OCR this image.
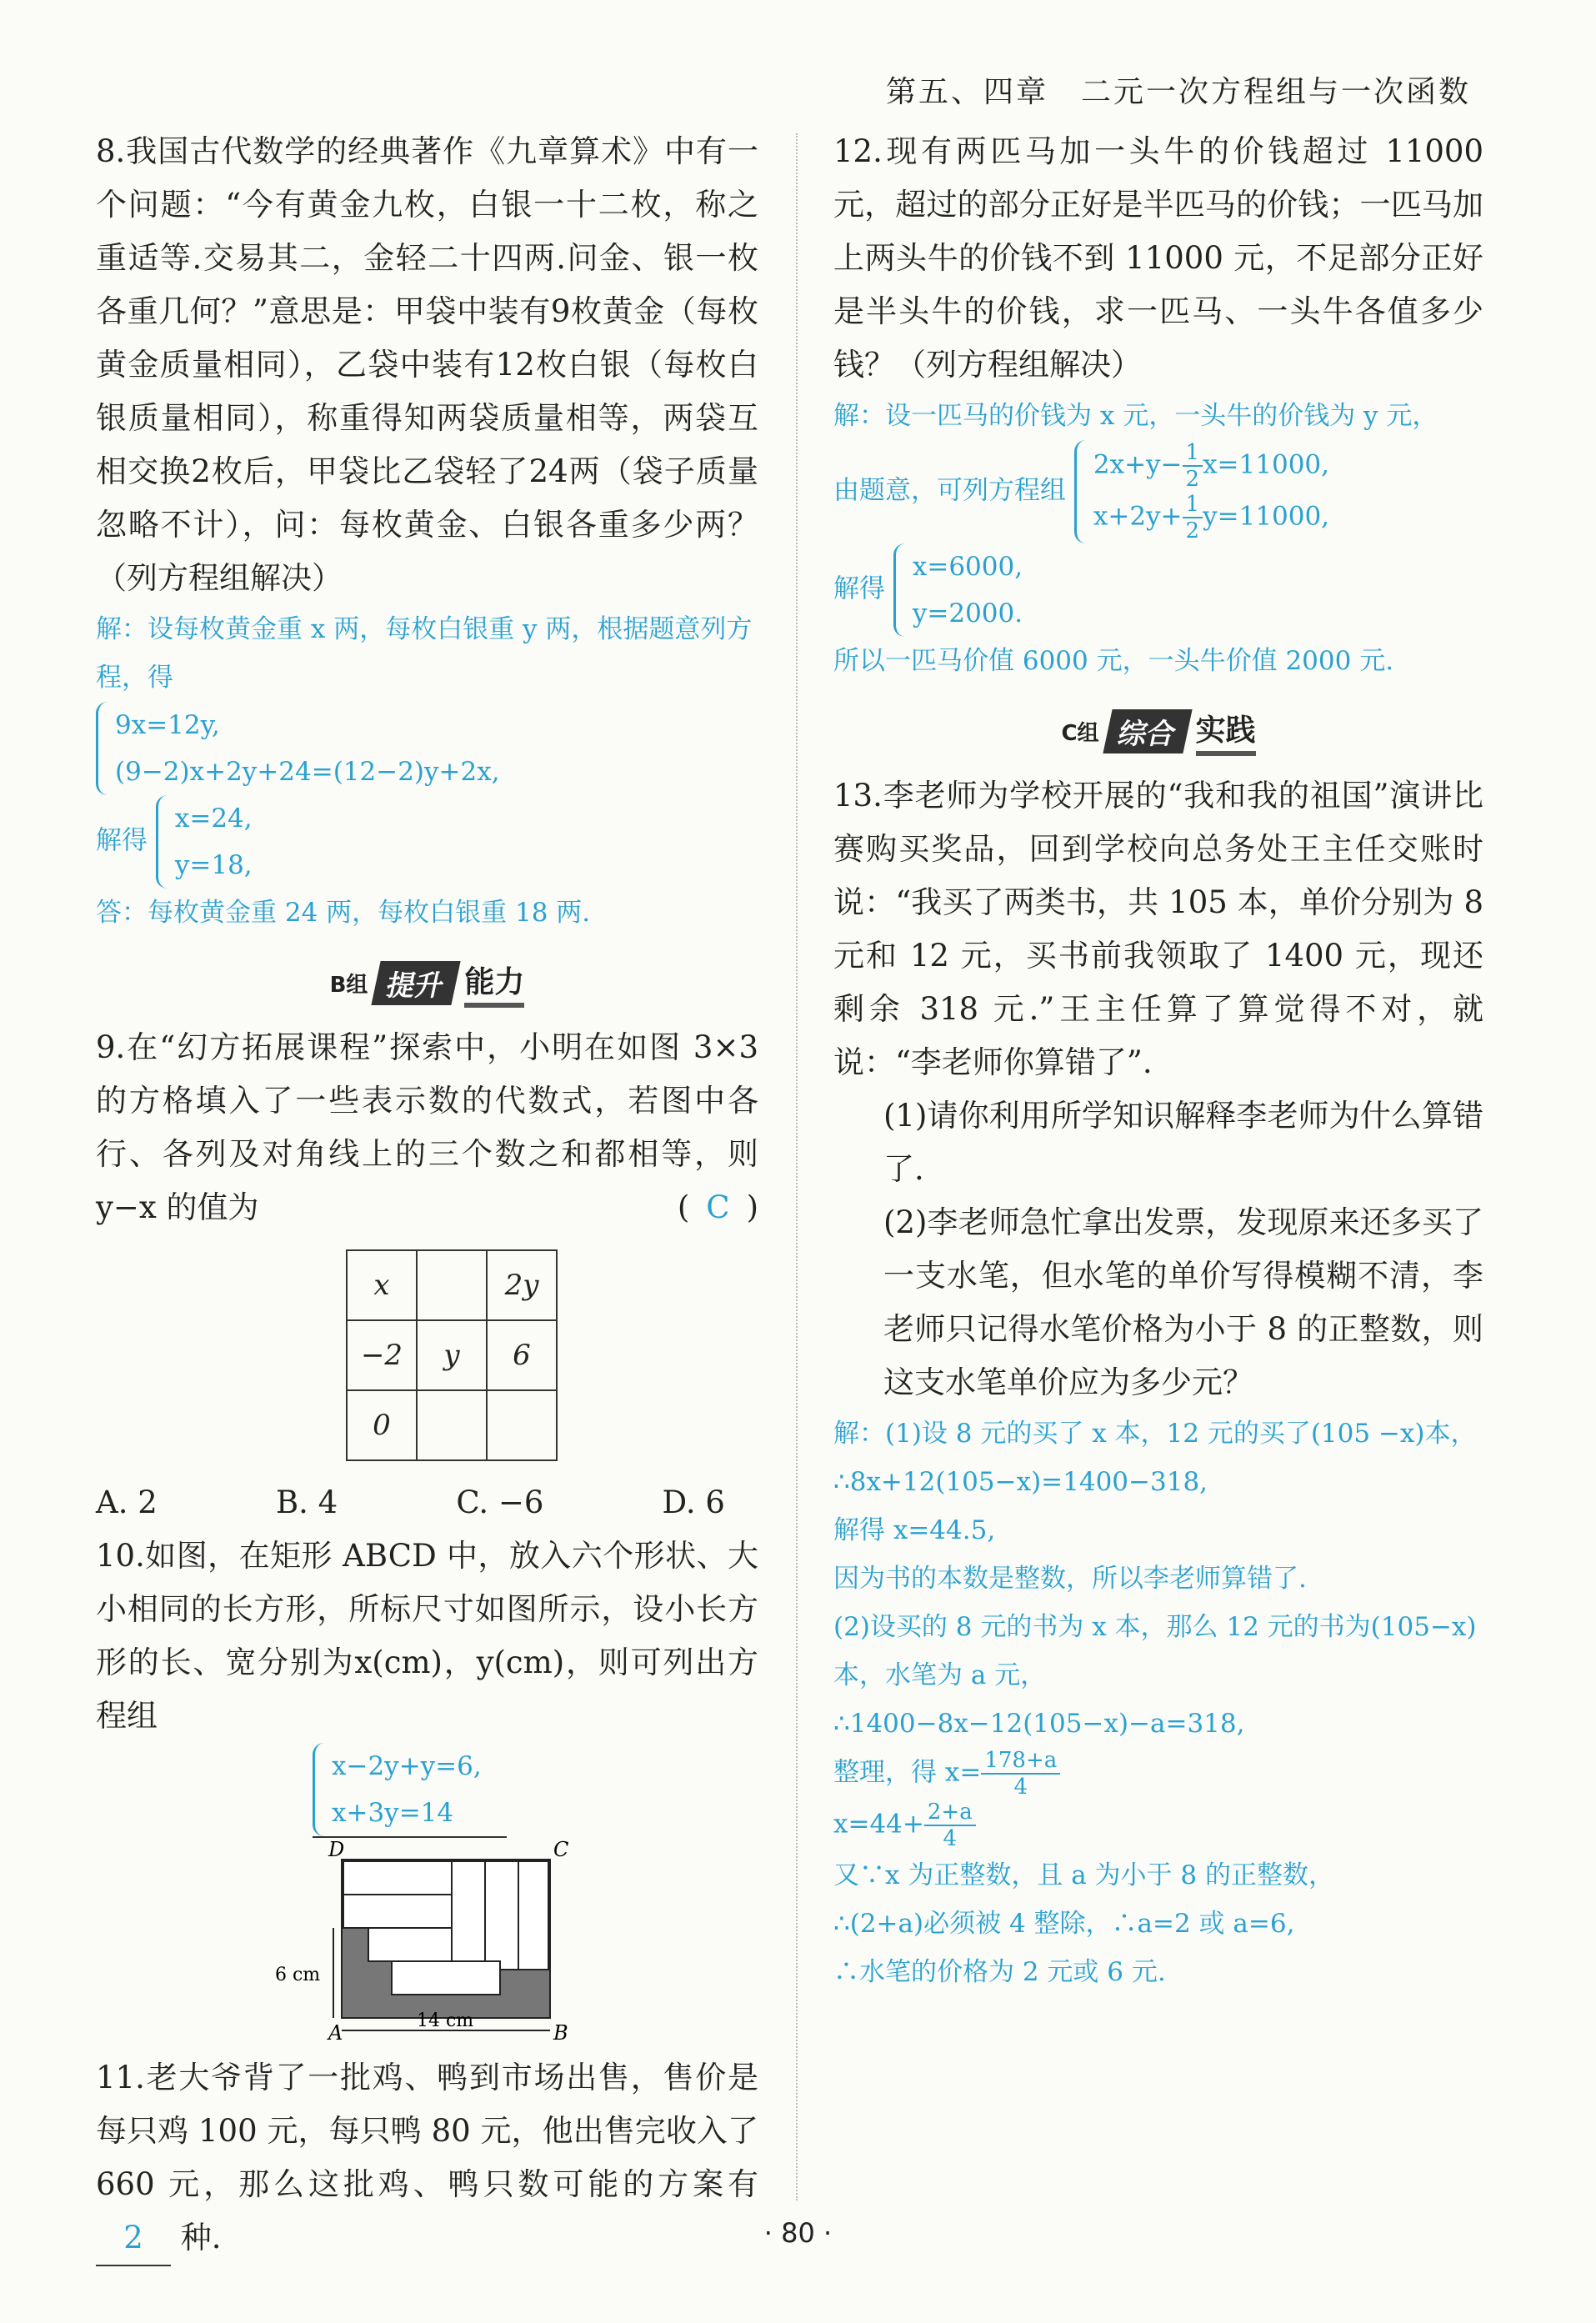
第五、四章　二元一次方程组与一次函数

8.我国古代数学的经典著作《九章算术》中有一个问题：“今有黄金九枚，白银一十二枚，称之重适等.交易其二，金轻二十四两.问金、银一枚各重几何？”意思是：甲袋中装有9枚黄金（每枚黄金质量相同），乙袋中装有12枚白银（每枚白银质量相同），称重得知两袋质量相等，两袋互相交换2枚后，甲袋比乙袋轻了24两（袋子质量忽略不计），问：每枚黄金、白银各重多少两？（列方程组解决）

解：设每枚黄金重 x 两，每枚白银重 y 两，根据题意列方程，得

9x=12y,
(9−2)x+2y+24=(12−2)y+2x,
解得
x=24,
y=18,

答：每枚黄金重 24 两，每枚白银重 18 两.

B组 提升 能力

9.在“幻方拓展课程”探索中，小明在如图 3×3 的方格填入了一些表示数的代数式，若图中各行、各列及对角线上的三个数之和都相等，则 y−x 的值为	( C )

x		2y
−2	y	6
0		
A. 2	B. 4	C. −6	D. 6

10.如图，在矩形 ABCD 中，放入六个形状、大小相同的长方形，所标尺寸如图所示，设小长方形的长、宽分别为x(cm)，y(cm)，则可列出方程组

x−2y+y=6,
x+3y=14
D	C
A	B
6 cm
14 cm

11.老大爷背了一批鸡、鸭到市场出售，售价是每只鸡 100 元，每只鸭 80 元，他出售完收入了 660 元，那么这批鸡、鸭只数可能的方案有 2 种.

12.现有两匹马加一头牛的价钱超过 11000 元，超过的部分正好是半匹马的价钱；一匹马加上两头牛的价钱不到 11000 元，不足部分正好是半头牛的价钱，求一匹马、一头牛各值多少钱？（列方程组解决）

解：设一匹马的价钱为 x 元，一头牛的价钱为 y 元，

由题意，可列方程组
$2x+y- \frac{1}{2} x=11000$,
$x+2y+ \frac{1}{2} y=11000$,
解得
x=6000,
y=2000.

所以一匹马价值 6000 元，一头牛价值 2000 元.

C组 综合 实践

13.李老师为学校开展的“我和我的祖国”演讲比赛购买奖品，回到学校向总务处王主任交账时说：“我买了两类书，共 105 本，单价分别为 8 元和 12 元，买书前我领取了 1400 元，现还剩余 318 元.”王主任算了算觉得不对，就说：“李老师你算错了”.

(1)请你利用所学知识解释李老师为什么算错了.

(2)李老师急忙拿出发票，发现原来还多买了一支水笔，但水笔的单价写得模糊不清，李老师只记得水笔价格为小于 8 的正整数，则这支水笔单价应为多少元？

解：(1)设 8 元的买了 x 本，12 元的买了(105 −x)本，

∴8x+12(105−x)=1400−318,

解得 x=44.5,

因为书的本数是整数，所以李老师算错了.

(2)设买的 8 元的书为 x 本，那么 12 元的书为(105−x)本，水笔为 a 元，

∴1400−8x−12(105−x)−a=318,

整理，得 $x= \frac{178+a}{4}$

$x=44+ \frac{2+a}{4}$

又∵x 为正整数，且 a 为小于 8 的正整数，

∴(2+a)必须被 4 整除，∴a=2 或 a=6,

∴水笔的价格为 2 元或 6 元.

· 80 ·
